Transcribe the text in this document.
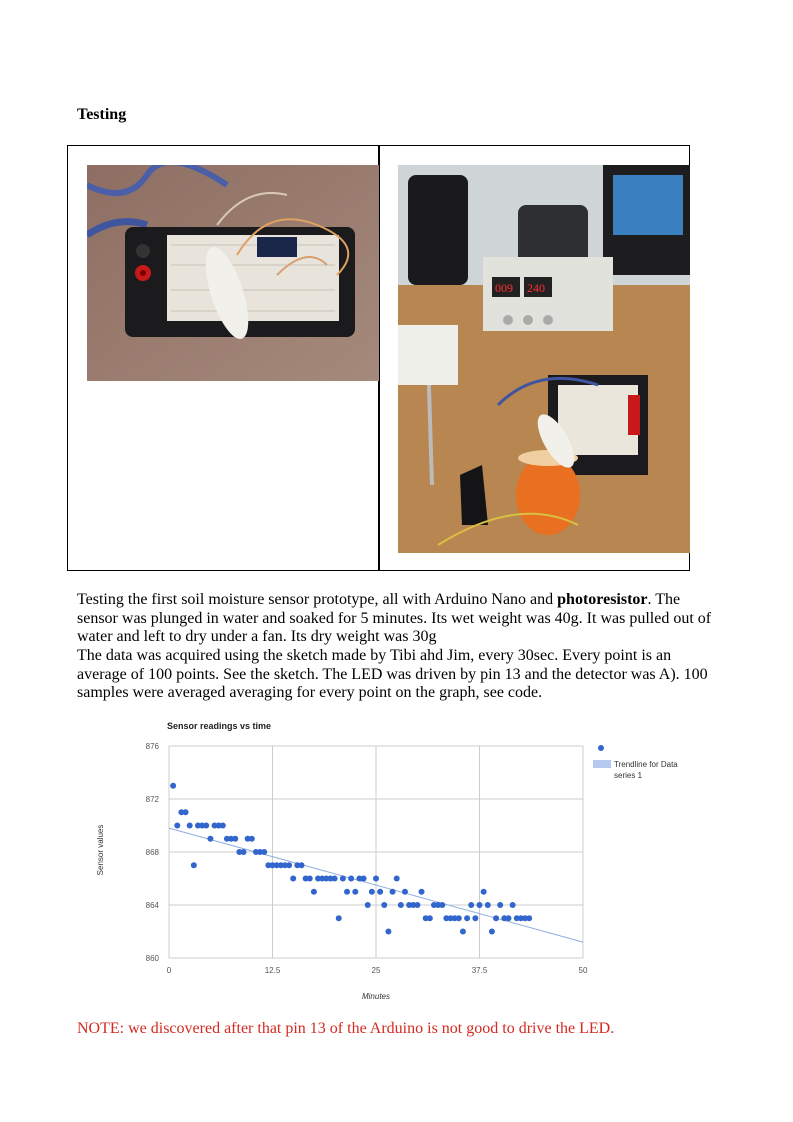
Testing
009 240
Testing the first soil moisture sensor prototype, all with Arduino Nano and photoresistor. The sensor was plunged in water and soaked for 5 minutes. Its wet weight was 40g. It was pulled out of water and left to dry under a fan. Its dry weight was 30g
The data was acquired using the sketch made by Tibi ahd Jim, every 30sec. Every point is an average of 100 points. See the sketch. The LED was driven by pin 13 and the detector was A). 100 samples were averaged averaging for every point on the graph, see code.
Sensor readings vs time
860
864
868
872
876
0	12.5	25	37.5	50
Sensor values
Minutes
Trendline for Data series 1
NOTE: we discovered after that pin 13 of the Arduino is not good to drive the LED.
